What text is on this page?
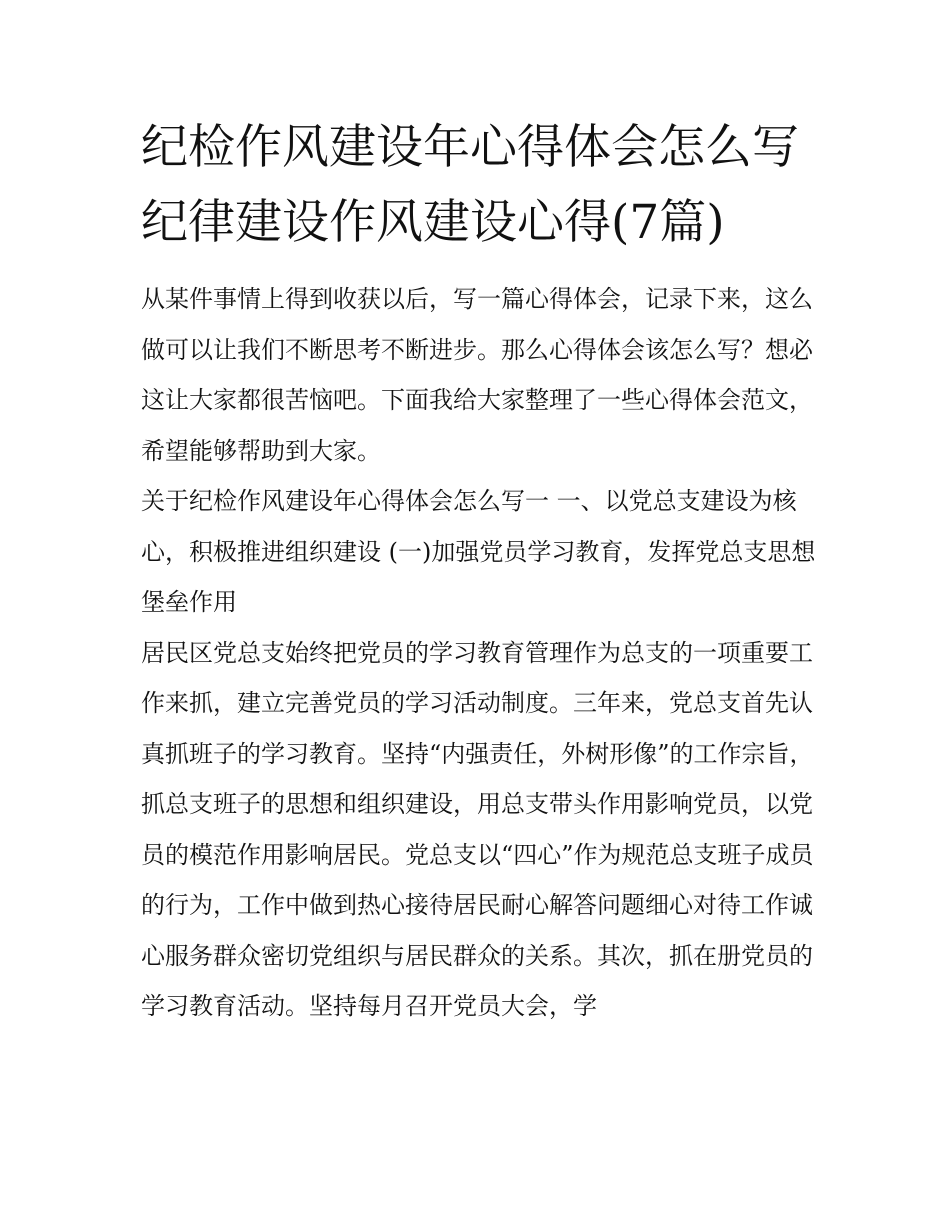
纪检作风建设年心得体会怎么写 纪律建设作风建设心得(7篇)

从某件事情上得到收获以后，写一篇心得体会，记录下来，这么做可以让我们不断思考不断进步。那么心得体会该怎么写？想必这让大家都很苦恼吧。下面我给大家整理了一些心得体会范文，希望能够帮助到大家。

关于纪检作风建设年心得体会怎么写一 一、以党总支建设为核心，积极推进组织建设 (一)加强党员学习教育，发挥党总支思想堡垒作用

居民区党总支始终把党员的学习教育管理作为总支的一项重要工作来抓，建立完善党员的学习活动制度。三年来，党总支首先认真抓班子的学习教育。坚持“内强责任，外树形像”的工作宗旨，抓总支班子的思想和组织建设，用总支带头作用影响党员，以党员的模范作用影响居民。党总支以“四心”作为规范总支班子成员的行为，工作中做到热心接待居民耐心解答问题细心对待工作诚心服务群众密切党组织与居民群众的关系。其次，抓在册党员的学习教育活动。坚持每月召开党员大会，学
